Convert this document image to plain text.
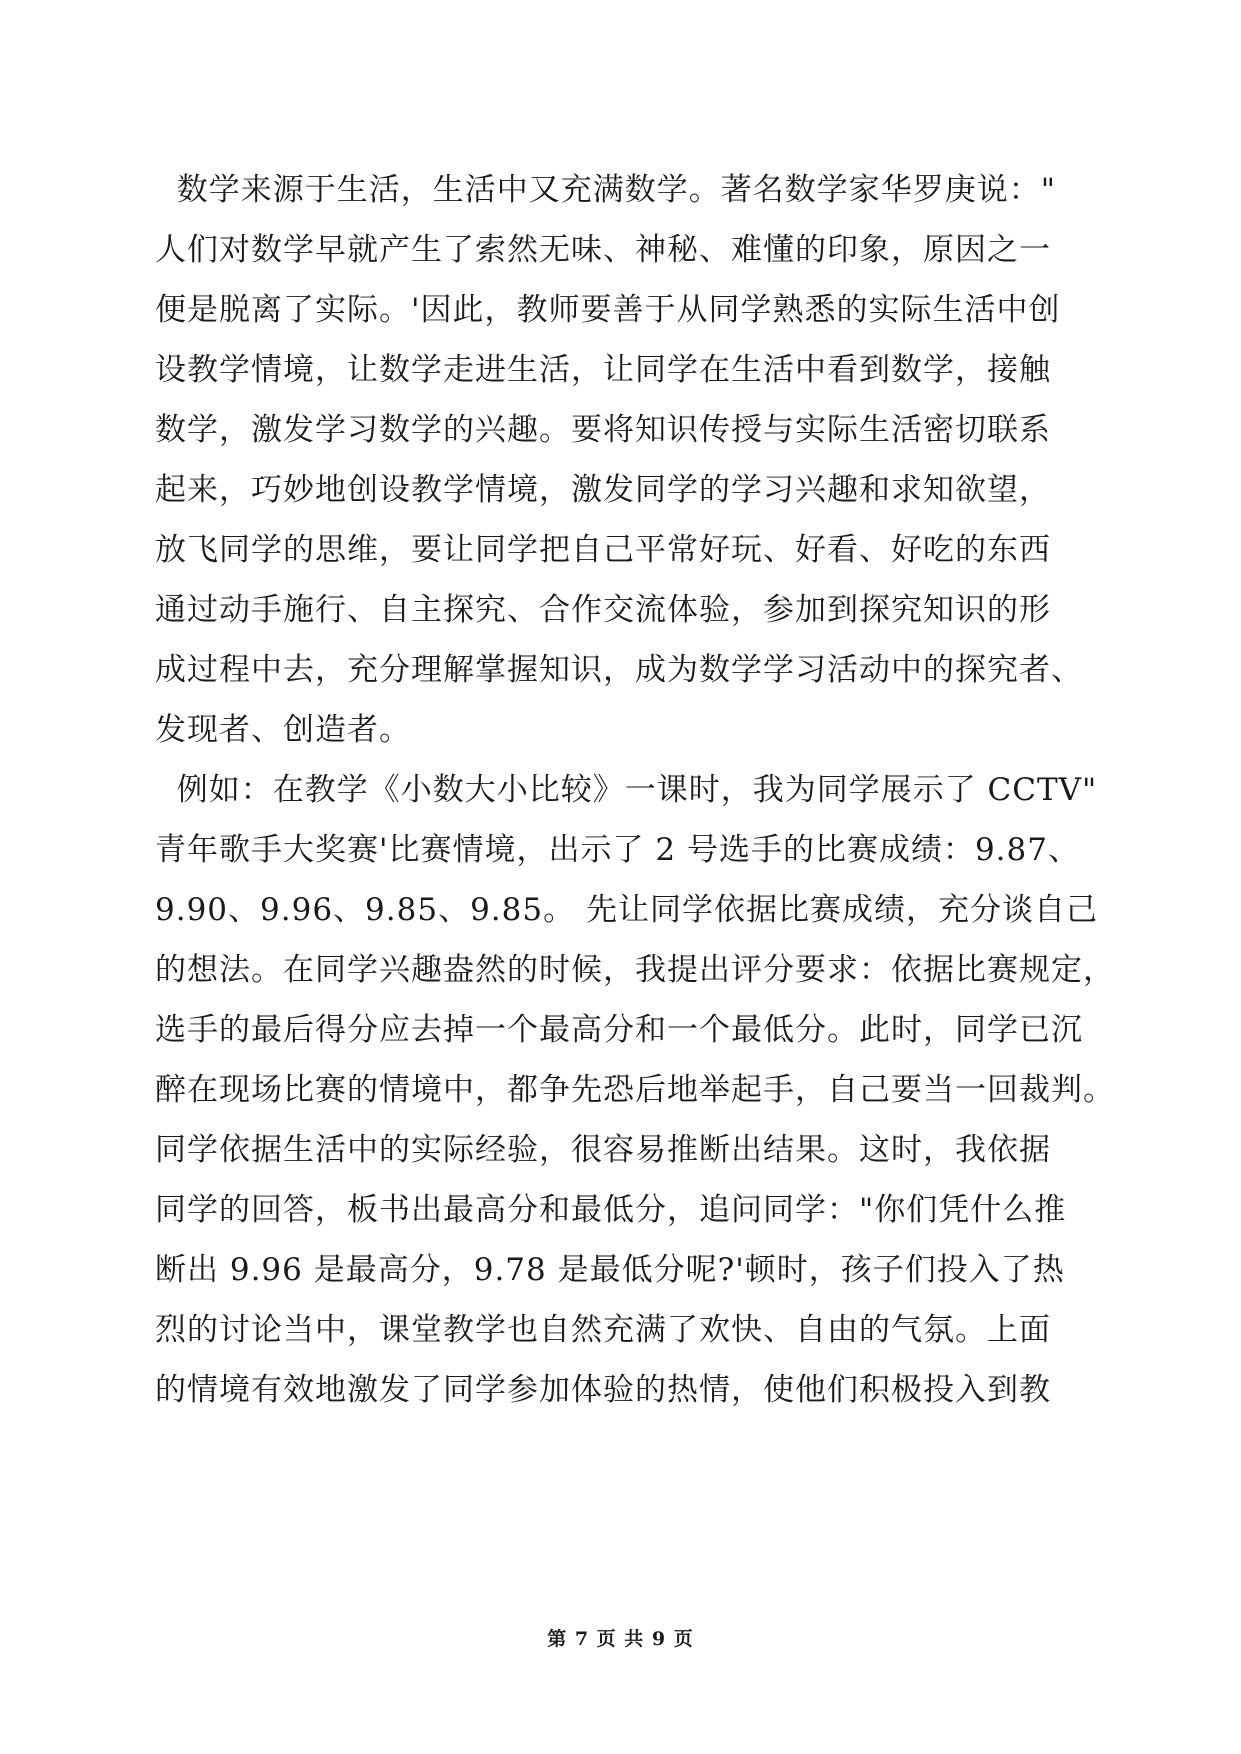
数学来源于生活，生活中又充满数学。著名数学家华罗庚说："
人们对数学早就产生了索然无味、神秘、难懂的印象，原因之一
便是脱离了实际。'因此，教师要善于从同学熟悉的实际生活中创
设教学情境，让数学走进生活，让同学在生活中看到数学，接触
数学，激发学习数学的兴趣。要将知识传授与实际生活密切联系
起来，巧妙地创设教学情境，激发同学的学习兴趣和求知欲望，
放飞同学的思维，要让同学把自己平常好玩、好看、好吃的东西
通过动手施行、自主探究、合作交流体验，参加到探究知识的形
成过程中去，充分理解掌握知识，成为数学学习活动中的探究者、
发现者、创造者。
例如：在教学《小数大小比较》一课时，我为同学展示了 CCTV"
青年歌手大奖赛'比赛情境，出示了 2 号选手的比赛成绩：9.87、
9.90、9.96、9.85、9.85。 先让同学依据比赛成绩，充分谈自己
的想法。在同学兴趣盎然的时候，我提出评分要求：依据比赛规定，
选手的最后得分应去掉一个最高分和一个最低分。此时，同学已沉
醉在现场比赛的情境中，都争先恐后地举起手，自己要当一回裁判。
同学依据生活中的实际经验，很容易推断出结果。这时，我依据
同学的回答，板书出最高分和最低分，追问同学："你们凭什么推
断出 9.96 是最高分，9.78 是最低分呢?'顿时，孩子们投入了热
烈的讨论当中，课堂教学也自然充满了欢快、自由的气氛。上面
的情境有效地激发了同学参加体验的热情，使他们积极投入到教
第 7 页 共 9 页
